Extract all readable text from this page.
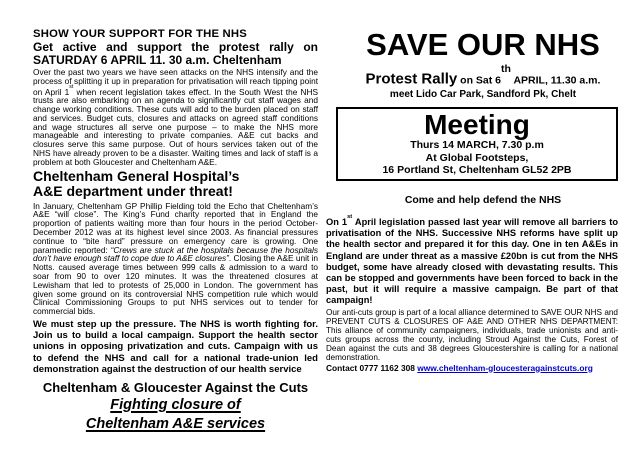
SHOW YOUR SUPPORT FOR THE NHS
Get active and support the protest rally on
SATURDAY 6 APRIL 11. 30 a.m. Cheltenham

Over the past two years we have seen attacks on the NHS intensify and the process of splitting it up in preparation for privatisation will reach tipping point on April 1st when recent legislation takes effect. In the South West the NHS trusts are also embarking on an agenda to significantly cut staff wages and change working conditions. These cuts will add to the burden placed on staff and services. Budget cuts, closures and attacks on agreed staff conditions and wage structures all serve one purpose – to make the NHS more manageable and interesting to private companies. A&E cut backs and closures serve this same purpose. Out of hours services taken out of the NHS have already proven to be a disaster. Waiting times and lack of staff is a problem at both Gloucester and Cheltenham A&E.

Cheltenham General Hospital’s
A&E department under threat!

In January, Cheltenham GP Phillip Fielding told the Echo that Cheltenham’s A&E “will close”. The King’s Fund charity reported that in England the proportion of patients waiting more than four hours in the period October-December 2012 was at its highest level since 2003. As financial pressures continue to “bite hard” pressure on emergency care is growing. One paramedic reported: “Crews are stuck at the hospitals because the hospitals don’t have enough staff to cope due to A&E closures”. Closing the A&E unit in Notts. caused average times between 999 calls & admission to a ward to soar from 90 to over 120 minutes. It was the threatened closures at Lewisham that led to protests of 25,000 in London. The government has given some ground on its controversial NHS competition rule which would Clinical Commissioning Groups to put NHS services out to tender for commercial bids.

We must step up the pressure. The NHS is worth fighting for. Join us to build a local campaign. Support the health sector unions in opposing privatization and cuts. Campaign with us to defend the NHS and call for a national trade-union led demonstration against the destruction of our health service

Cheltenham & Gloucester Against the Cuts
Fighting closure of
Cheltenham A&E services
SAVE OUR NHS
Protest Rally on Sat 6th APRIL, 11.30 a.m.
meet Lido Car Park, Sandford Pk, Chelt
Meeting
Thurs 14 MARCH, 7.30 p.m
At Global Footsteps,
16 Portland St, Cheltenham GL52 2PB
Come and help defend the NHS

On 1st April legislation passed last year will remove all barriers to privatisation of the NHS. Successive NHS reforms have split up the health sector and prepared it for this day. One in ten A&Es in England are under threat as a massive £20bn is cut from the NHS budget, some have already closed with devastating results. This can be stopped and governments have been forced to back in the past, but it will require a massive campaign. Be part of that campaign!

Our anti-cuts group is part of a local alliance determined to SAVE OUR NHS and PREVENT CUTS & CLOSURES OF A&E AND OTHER NHS DEPARTMENT: This alliance of community campaigners, individuals, trade unionists and anti-cuts groups across the county, including Stroud Against the Cuts, Forest of Dean against the cuts and 38 degrees Gloucestershire is calling for a national demonstration.

Contact 0777 1162 308 www.cheltenham-gloucesteragainstcuts.org
